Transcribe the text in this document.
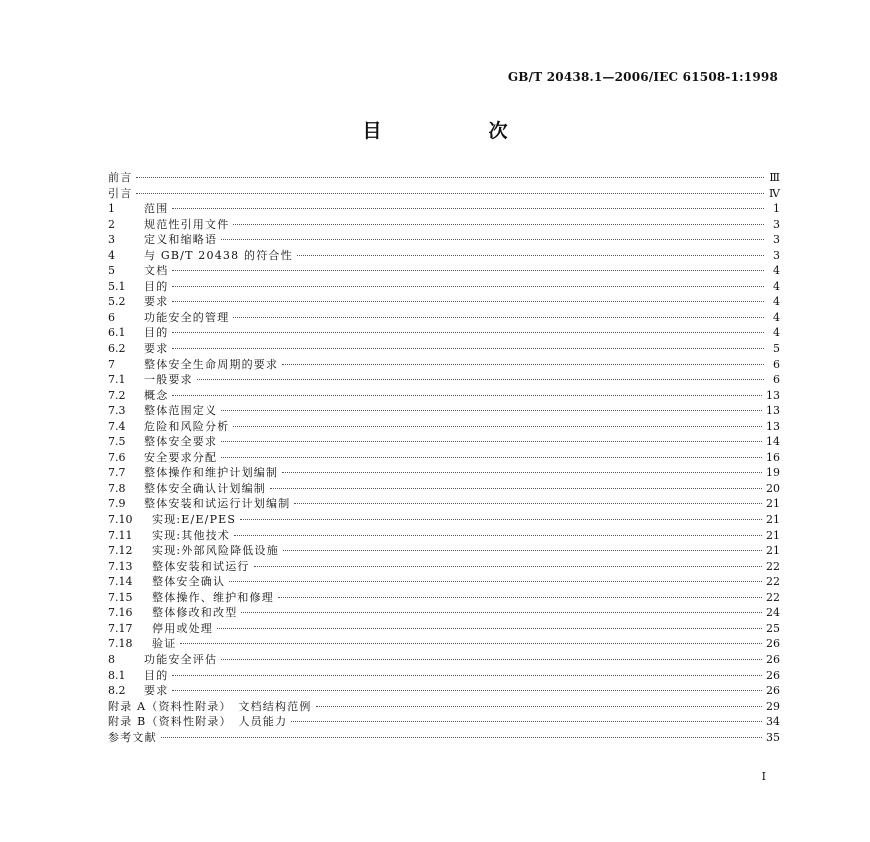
GB/T 20438.1—2006/IEC 61508-1:1998
目　次
前言	Ⅲ
引言	Ⅳ
1	范围	1
2	规范性引用文件	3
3	定义和缩略语	3
4	与 GB/T 20438 的符合性	3
5	文档	4
5.1	目的	4
5.2	要求	4
6	功能安全的管理	4
6.1	目的	4
6.2	要求	5
7	整体安全生命周期的要求	6
7.1	一般要求	6
7.2	概念	13
7.3	整体范围定义	13
7.4	危险和风险分析	13
7.5	整体安全要求	14
7.6	安全要求分配	16
7.7	整体操作和维护计划编制	19
7.8	整体安全确认计划编制	20
7.9	整体安装和试运行计划编制	21
7.10	实现:E/E/PES	21
7.11	实现:其他技术	21
7.12	实现:外部风险降低设施	21
7.13	整体安装和试运行	22
7.14	整体安全确认	22
7.15	整体操作、维护和修理	22
7.16	整体修改和改型	24
7.17	停用或处理	25
7.18	验证	26
8	功能安全评估	26
8.1	目的	26
8.2	要求	26
附录 A（资料性附录）　文档结构范例	29
附录 B（资料性附录）　人员能力	34
参考文献	35
I
